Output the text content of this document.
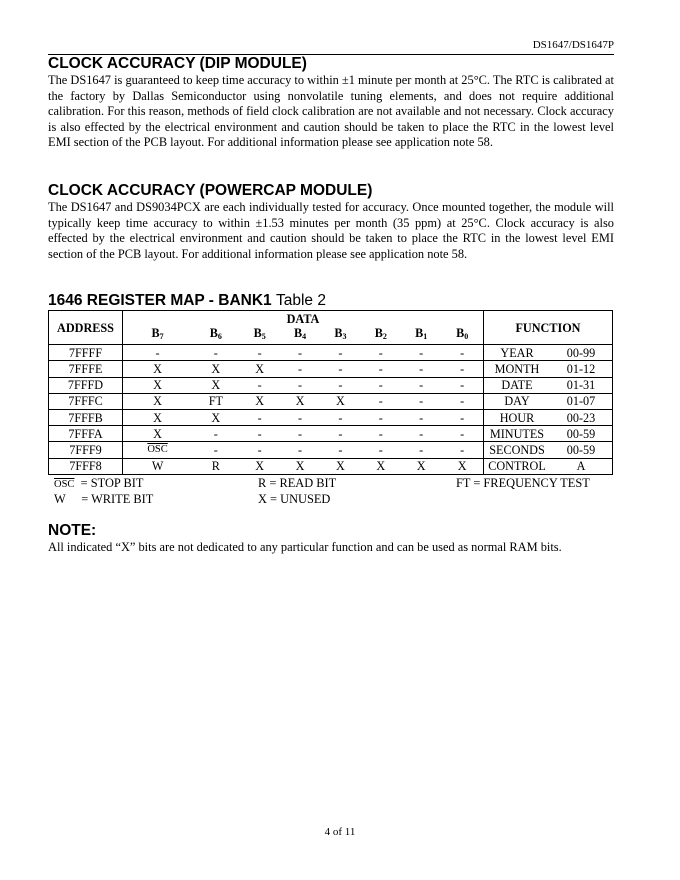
DS1647/DS1647P
CLOCK ACCURACY (DIP MODULE)

The DS1647 is guaranteed to keep time accuracy to within ±1 minute per month at 25°C. The RTC is calibrated at the factory by Dallas Semiconductor using nonvolatile tuning elements, and does not require additional calibration. For this reason, methods of field clock calibration are not available and not necessary. Clock accuracy is also effected by the electrical environment and caution should be taken to place the RTC in the lowest level EMI section of the PCB layout. For additional information please see application note 58.

CLOCK ACCURACY (POWERCAP MODULE)

The DS1647 and DS9034PCX are each individually tested for accuracy. Once mounted together, the module will typically keep time accuracy to within ±1.53 minutes per month (35 ppm) at 25°C. Clock accuracy is also effected by the electrical environment and caution should be taken to place the RTC in the lowest level EMI section of the PCB layout. For additional information please see application note 58.

1646 REGISTER MAP - BANK1 Table 2
ADDRESS	DATA								FUNCTION	
	$B_7$	$B_6$	$B_5$	$B_4$	$B_3$	$B_2$	$B_1$	$B_0$
7FFFF	-	-	-	-	-	-	-	-	YEAR	00-99
7FFFE	X	X	X	-	-	-	-	-	MONTH	01-12
7FFFD	X	X	-	-	-	-	-	-	DATE	01-31
7FFFC	X	FT	X	X	X	-	-	-	DAY	01-07
7FFFB	X	X	-	-	-	-	-	-	HOUR	00-23
7FFFA	X	-	-	-	-	-	-	-	MINUTES	00-59
7FFF9	$\overline{OSC}$	-	-	-	-	-	-	-	SECONDS	00-59
7FFF8	W	R	X	X	X	X	X	X	CONTROL	A
$\overline{OSC}$ = STOP BIT
W = WRITE BIT
R = READ BIT
X = UNUSED
FT = FREQUENCY TEST
NOTE:

All indicated “X” bits are not dedicated to any particular function and can be used as normal RAM bits.

4 of 11
